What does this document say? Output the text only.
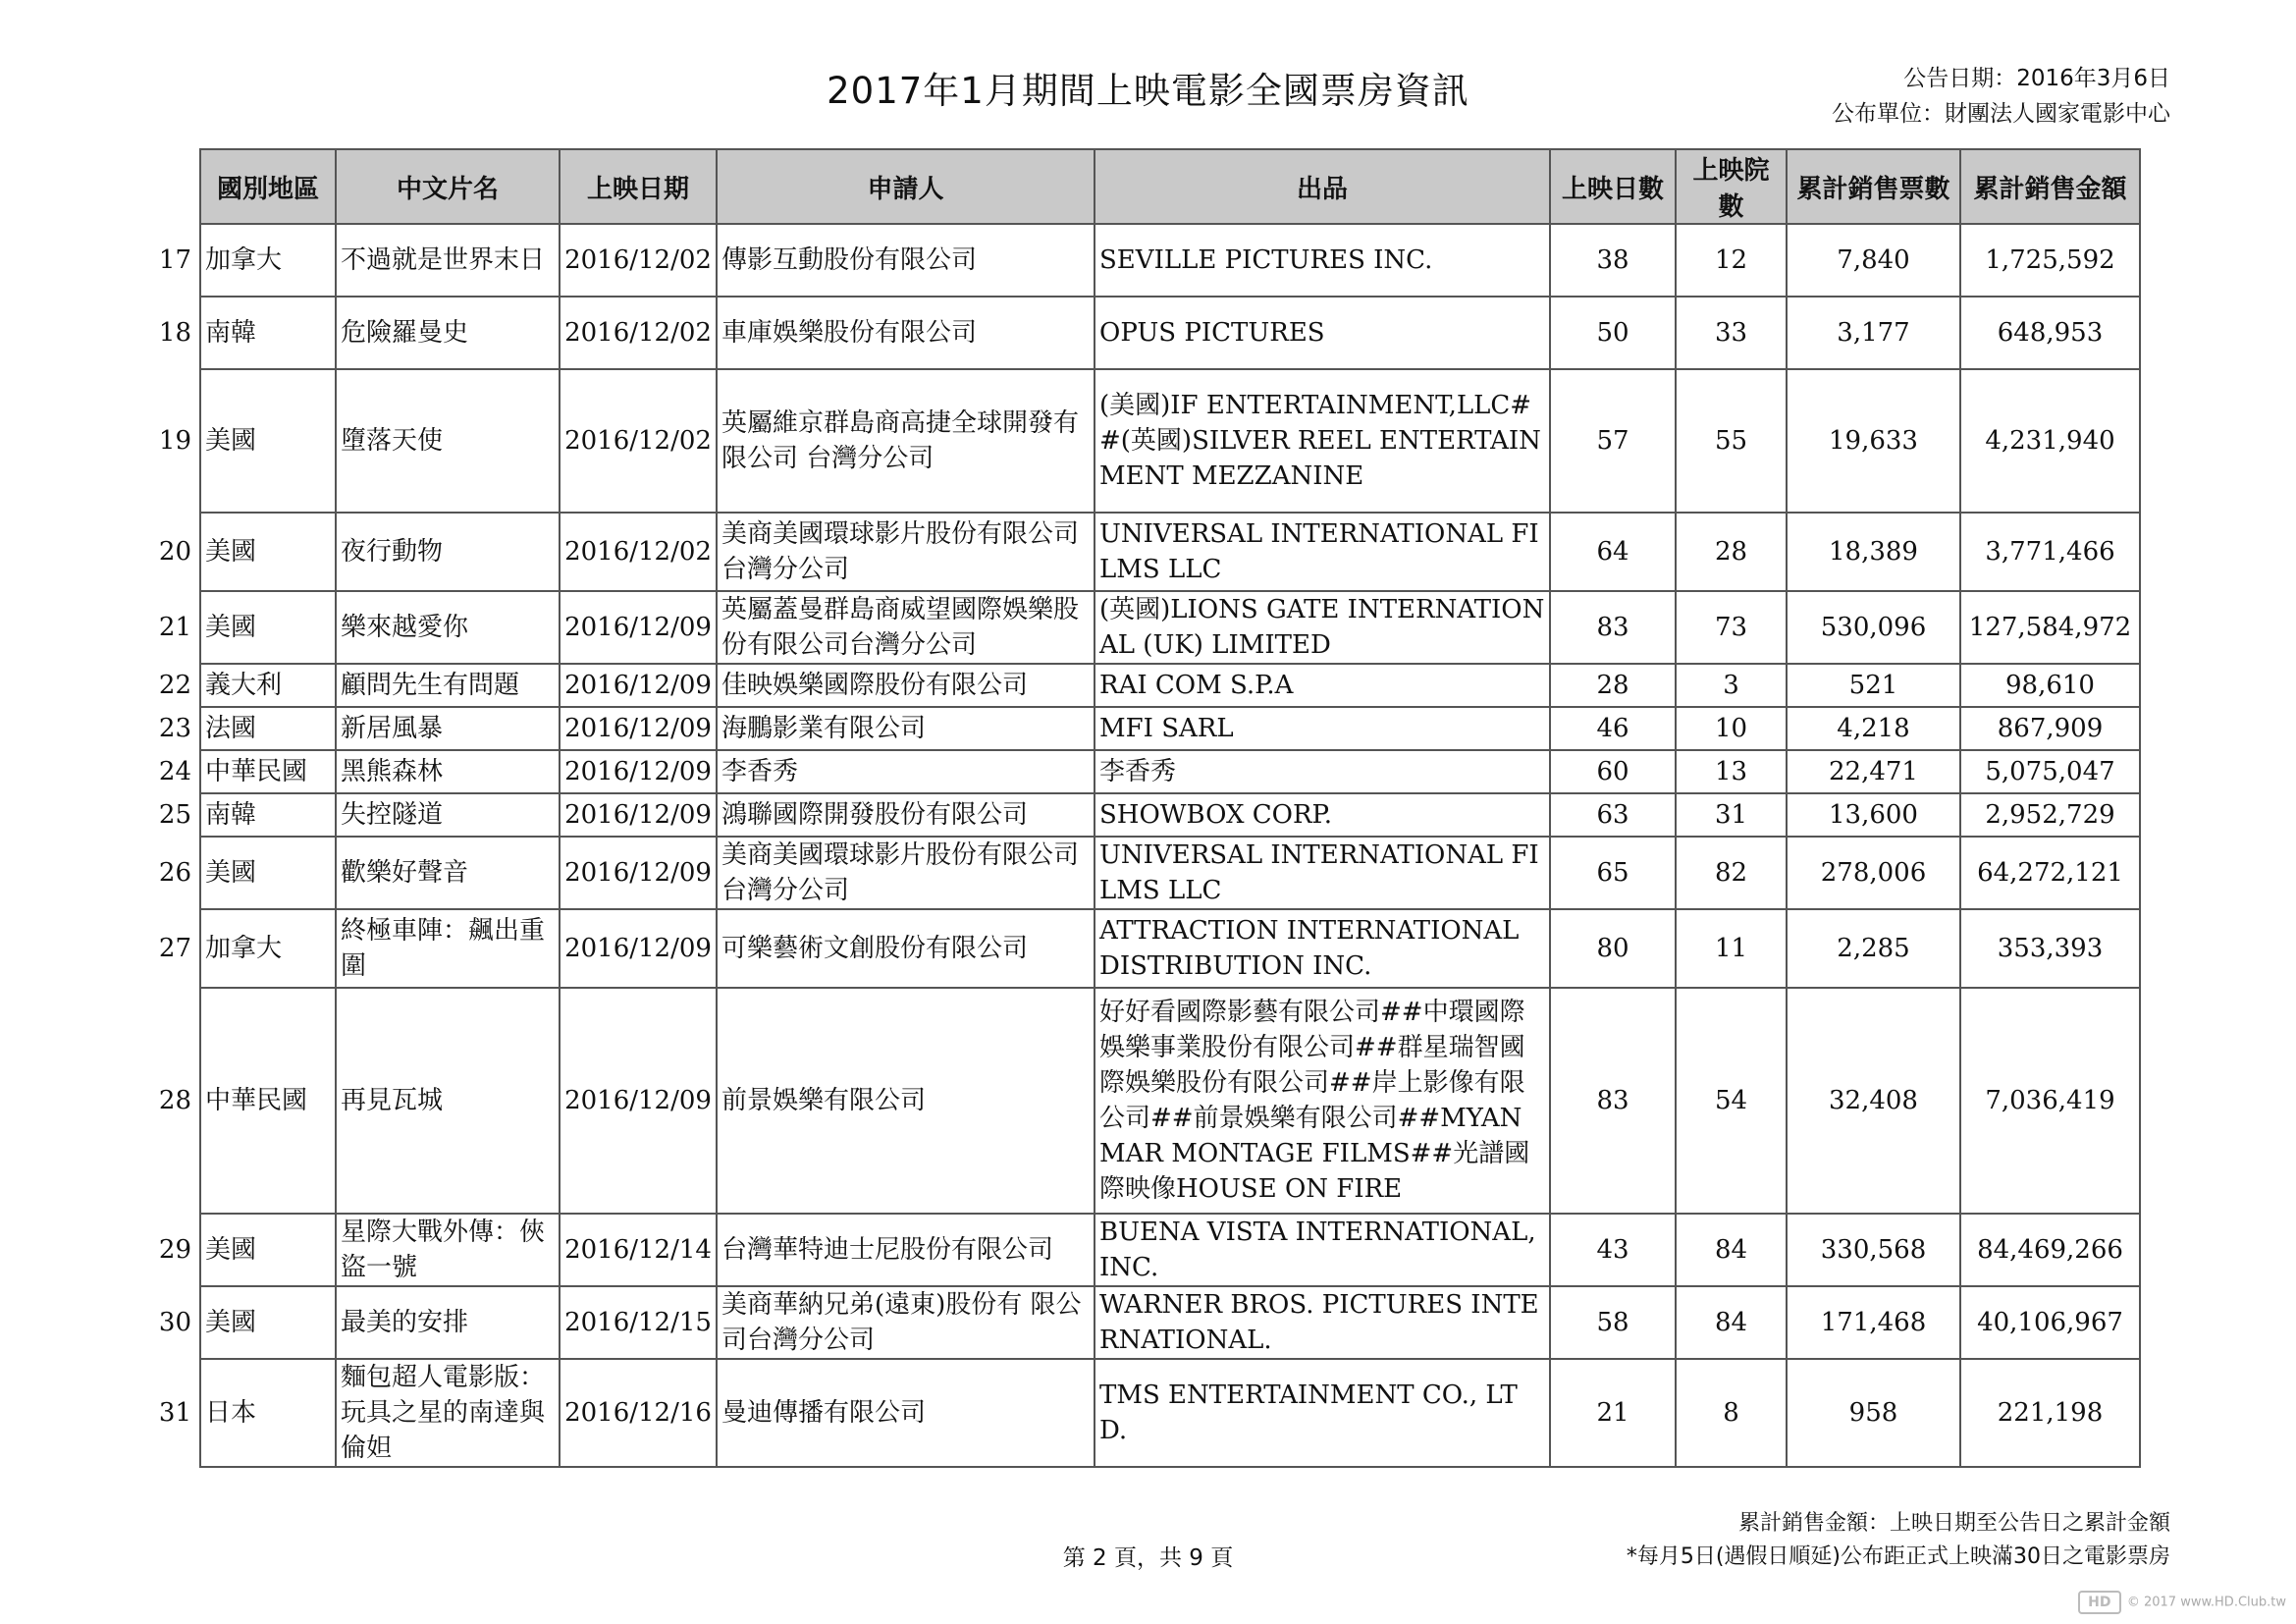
2017年1月期間上映電影全國票房資訊	公告日期：2016年3月6日
公布單位：財團法人國家電影中心
	國別地區	中文片名	上映日期	申請人	出品	上映日數	上映院數	累計銷售票數	累計銷售金額
17	加拿大	不過就是世界末日	2016/12/02	傳影互動股份有限公司	SEVILLE PICTURES INC.	38	12	7,840	1,725,592
18	南韓	危險羅曼史	2016/12/02	車庫娛樂股份有限公司	OPUS PICTURES	50	33	3,177	648,953
19	美國	墮落天使	2016/12/02	英屬維京群島商高捷全球開發有限公司 台灣分公司	(美國)IF ENTERTAINMENT,LLC##(英國)SILVER REEL ENTERTAINMENT MEZZANINE	57	55	19,633	4,231,940
20	美國	夜行動物	2016/12/02	美商美國環球影片股份有限公司台灣分公司	UNIVERSAL INTERNATIONAL FILMS LLC	64	28	18,389	3,771,466
21	美國	樂來越愛你	2016/12/09	英屬蓋曼群島商威望國際娛樂股份有限公司台灣分公司	(英國)LIONS GATE INTERNATIONAL (UK) LIMITED	83	73	530,096	127,584,972
22	義大利	顧問先生有問題	2016/12/09	佳映娛樂國際股份有限公司	RAI COM S.P.A	28	3	521	98,610
23	法國	新居風暴	2016/12/09	海鵬影業有限公司	MFI SARL	46	10	4,218	867,909
24	中華民國	黑熊森林	2016/12/09	李香秀	李香秀	60	13	22,471	5,075,047
25	南韓	失控隧道	2016/12/09	鴻聯國際開發股份有限公司	SHOWBOX CORP.	63	31	13,600	2,952,729
26	美國	歡樂好聲音	2016/12/09	美商美國環球影片股份有限公司台灣分公司	UNIVERSAL INTERNATIONAL FILMS LLC	65	82	278,006	64,272,121
27	加拿大	終極車陣：飆出重圍	2016/12/09	可樂藝術文創股份有限公司	ATTRACTION INTERNATIONAL DISTRIBUTION INC.	80	11	2,285	353,393
28	中華民國	再見瓦城	2016/12/09	前景娛樂有限公司	好好看國際影藝有限公司##中環國際娛樂事業股份有限公司##群星瑞智國際娛樂股份有限公司##岸上影像有限公司##前景娛樂有限公司##MYANMAR MONTAGE FILMS##光譜國際映像HOUSE ON FIRE	83	54	32,408	7,036,419
29	美國	星際大戰外傳：俠盜一號	2016/12/14	台灣華特迪士尼股份有限公司	BUENA VISTA INTERNATIONAL,INC.	43	84	330,568	84,469,266
30	美國	最美的安排	2016/12/15	美商華納兄弟(遠東)股份有 限公司台灣分公司	WARNER BROS. PICTURES INTERNATIONAL.	58	84	171,468	40,106,967
31	日本	麵包超人電影版：玩具之星的南達與倫妲	2016/12/16	曼迪傳播有限公司	TMS ENTERTAINMENT CO., LTD.	21	8	958	221,198
累計銷售金額：上映日期至公告日之累計金額
*每月5日(遇假日順延)公布距正式上映滿30日之電影票房
第 2 頁，共 9 頁
HD © 2017 www.HD.Club.tw
